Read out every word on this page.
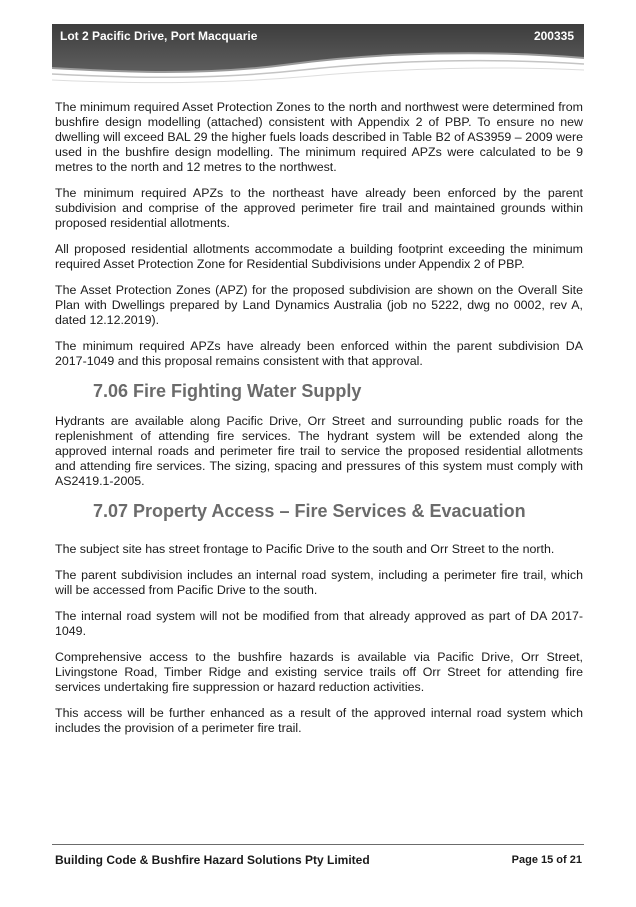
Lot 2 Pacific Drive, Port Macquarie	200335

The minimum required Asset Protection Zones to the north and northwest were determined from bushfire design modelling (attached) consistent with Appendix 2 of PBP. To ensure no new dwelling will exceed BAL 29 the higher fuels loads described in Table B2 of AS3959 – 2009 were used in the bushfire design modelling. The minimum required APZs were calculated to be 9 metres to the north and 12 metres to the northwest.

The minimum required APZs to the northeast have already been enforced by the parent subdivision and comprise of the approved perimeter fire trail and maintained grounds within proposed residential allotments.

All proposed residential allotments accommodate a building footprint exceeding the minimum required Asset Protection Zone for Residential Subdivisions under Appendix 2 of PBP.

The Asset Protection Zones (APZ) for the proposed subdivision are shown on the Overall Site Plan with Dwellings prepared by Land Dynamics Australia (job no 5222, dwg no 0002, rev A, dated 12.12.2019).

The minimum required APZs have already been enforced within the parent subdivision DA 2017-1049 and this proposal remains consistent with that approval.

7.06 Fire Fighting Water Supply

Hydrants are available along Pacific Drive, Orr Street and surrounding public roads for the replenishment of attending fire services. The hydrant system will be extended along the approved internal roads and perimeter fire trail to service the proposed residential allotments and attending fire services. The sizing, spacing and pressures of this system must comply with AS2419.1-2005.

7.07 Property Access – Fire Services & Evacuation

The subject site has street frontage to Pacific Drive to the south and Orr Street to the north.

The parent subdivision includes an internal road system, including a perimeter fire trail, which will be accessed from Pacific Drive to the south.

The internal road system will not be modified from that already approved as part of DA 2017-1049.

Comprehensive access to the bushfire hazards is available via Pacific Drive, Orr Street, Livingstone Road, Timber Ridge and existing service trails off Orr Street for attending fire services undertaking fire suppression or hazard reduction activities.

This access will be further enhanced as a result of the approved internal road system which includes the provision of a perimeter fire trail.

Building Code & Bushfire Hazard Solutions Pty Limited	Page 15 of 21
